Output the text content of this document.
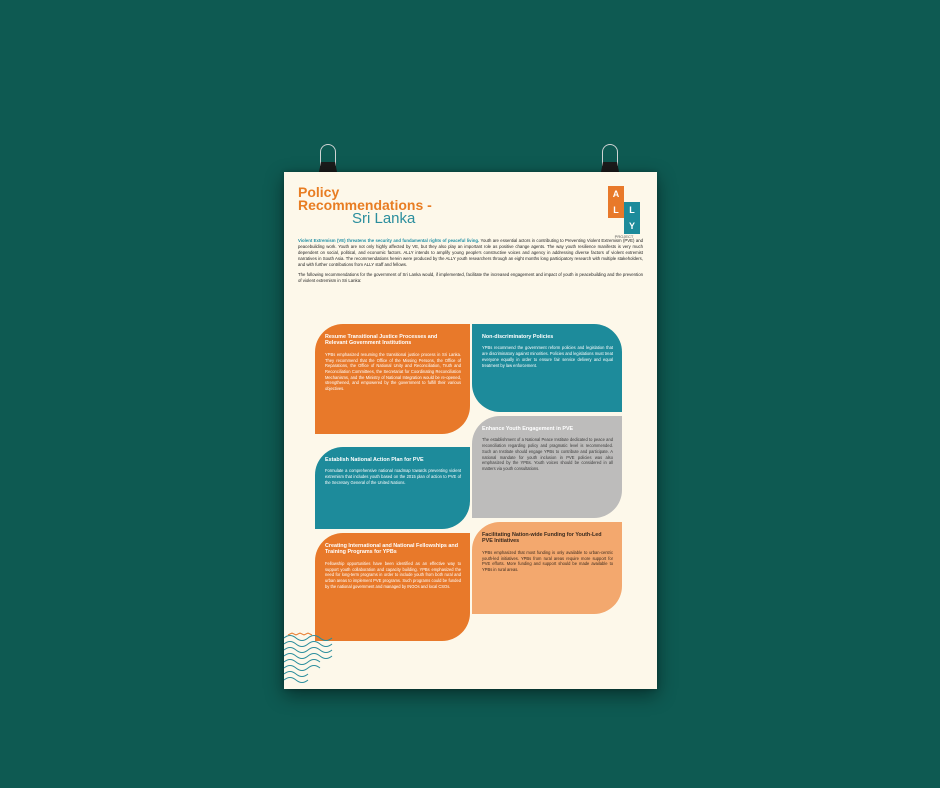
Policy
Recommendations -
Sri Lanka
A
L
L
Y
PROJECT

Violent Extremism (VE) threatens the security and fundamental rights of peaceful living. Youth are essential actors in contributing to Preventing Violent Extremism (PVE) and peacebuilding work. Youth are not only highly affected by VE, but they also play an important role as positive change agents. The way youth resilience manifests is very much dependent on social, political, and economic factors. ALLY intends to amplify young people's constructive voices and agency in addressing diverse factors of violent extremist narratives in South Asia. The recommendations herein were produced by the ALLY youth researchers through an eight months long participatory research with multiple stakeholders, and with further contributions from ALLY staff and fellows.

The following recommendations for the government of Sri Lanka would, if implemented, facilitate the increased engagement and impact of youth in peacebuilding and the prevention of violent extremism in Sri Lanka:

Resume Transitional Justice Processes and Relevant Government Institutions

YPBs emphasized resuming the transitional justice process in Sri Lanka. They recommend that the Office of the Missing Persons, the Office of Reparations, the Office of National Unity and Reconciliation, Truth and Reconciliation Committees, the Secretariat for Coordinating Reconciliation Mechanisms, and the Ministry of National Integration would be re-opened, strengthened, and empowered by the government to fulfill their various objectives.

Non-discriminatory Policies

YPBs recommend the government reform policies and legislation that are discriminatory against minorities. Policies and legislations must treat everyone equally in order to ensure fair service delivery and equal treatment by law enforcement.

Enhance Youth Engagement in PVE

The establishment of a National Peace Institute dedicated to peace and reconciliation regarding policy and pragmatic level is recommended. Such an Institute should engage YPBs to contribute and participate. A national mandate for youth inclusion in PVE policies was also emphasized by the YPBs. Youth voices should be considered in all matters via youth consultations.

Establish National Action Plan for PVE

Formulate a comprehensive national roadmap towards preventing violent extremism that includes youth based on the 2015 plan of action to PVE of the Secretary General of the United Nations.

Creating International and National Fellowships and Training Programs for YPBs

Fellowship opportunities have been identified as an effective way to support youth collaboration and capacity building. YPBs emphasized the need for long-term programs in order to include youth from both rural and urban areas to implement PVE programs. Such programs could be funded by the national government and managed by INGOs and local CSOs.

Facilitating Nation-wide Funding for Youth-Led PVE Initiatives

YPBs emphasized that most funding is only available to urban-centric youth-led initiatives. YPBs from rural areas require more support for PVE efforts. More funding and support should be made available to YPBs in rural areas.
